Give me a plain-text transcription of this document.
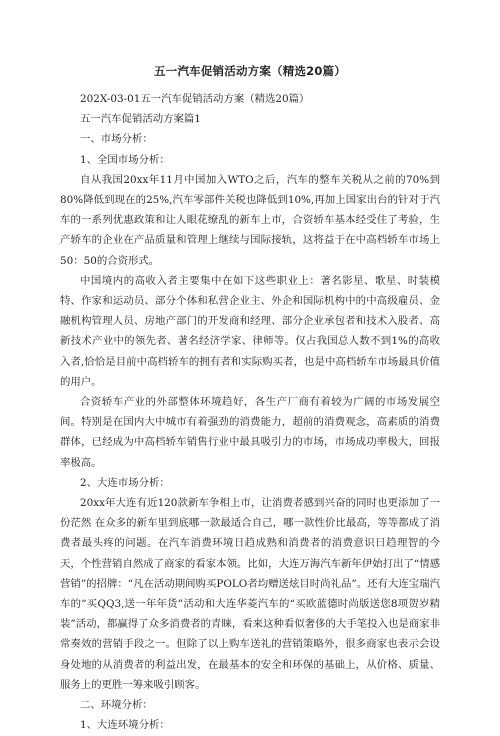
五一汽车促销活动方案（精选20篇）
202X-03-01五一汽车促销活动方案（精选20篇）
五一汽车促销活动方案篇1
一、市场分析：
1、全国市场分析：
自从我国20xx年11月中国加入WTO之后，汽车的整车关税从之前的70%到80%降低到现在的25%,汽车零部件关税也降低到10%,再加上国家出台的针对于汽车的一系列优惠政策和让人眼花缭乱的新车上市，合资轿车基本经受住了考验，生产轿车的企业在产品质量和管理上继续与国际接轨，这将益于在中高档轿车市场上50：50的合资形式。
中国境内的高收入者主要集中在如下这些职业上：著名影星、歌星、时装模特、作家和运动员、部分个体和私营企业主、外企和国际机构中的中高级雇员、金融机构管理人员、房地产部门的开发商和经理、部分企业承包者和技术入股者、高新技术产业中的领先者、著名经济学家、律师等。仅占我国总人数不到1%的高收入者,恰恰是目前中高档轿车的拥有者和实际购买者，也是中高档轿车市场最具价值的用户。
合资轿车产业的外部整体环境趋好，各生产厂商有着较为广阔的市场发展空间。特别是在国内大中城市有着强劲的消费能力，超前的消费观念，高素质的消费群体，已经成为中高档轿车销售行业中最具吸引力的市场，市场成功率极大，回报率极高。
2、大连市场分析：
20xx年大连有近120款新车争相上市，让消费者感到兴奋的同时也更添加了一份茫然 在众多的新车里到底哪一款最适合自己，哪一款性价比最高，等等都成了消费者最头疼的问题。在汽车消费环境日趋成熟和消费者的消费意识日趋理智的今天，个性营销自然成了商家的看家本领。比如，大连万海汽车新年伊始打出了“情感营销”的招牌：“凡在活动期间购买POLO者均赠送炫目时尚礼品”。还有大连宝瑞汽车的“买QQ3,送一年年货”活动和大连华菱汽车的“买欧蓝德时尚版送您8项贺岁精装”活动，都赢得了众多消费者的青睐，看来这种看似奢侈的大手笔投入也是商家非常奏效的营销手段之一。但除了以上购车送礼的营销策略外，很多商家也表示会设身处地的从消费者的利益出发，在最基本的安全和环保的基础上，从价格、质量、服务上的更胜一筹来吸引顾客。
二、环境分析：
1、大连环境分析：
